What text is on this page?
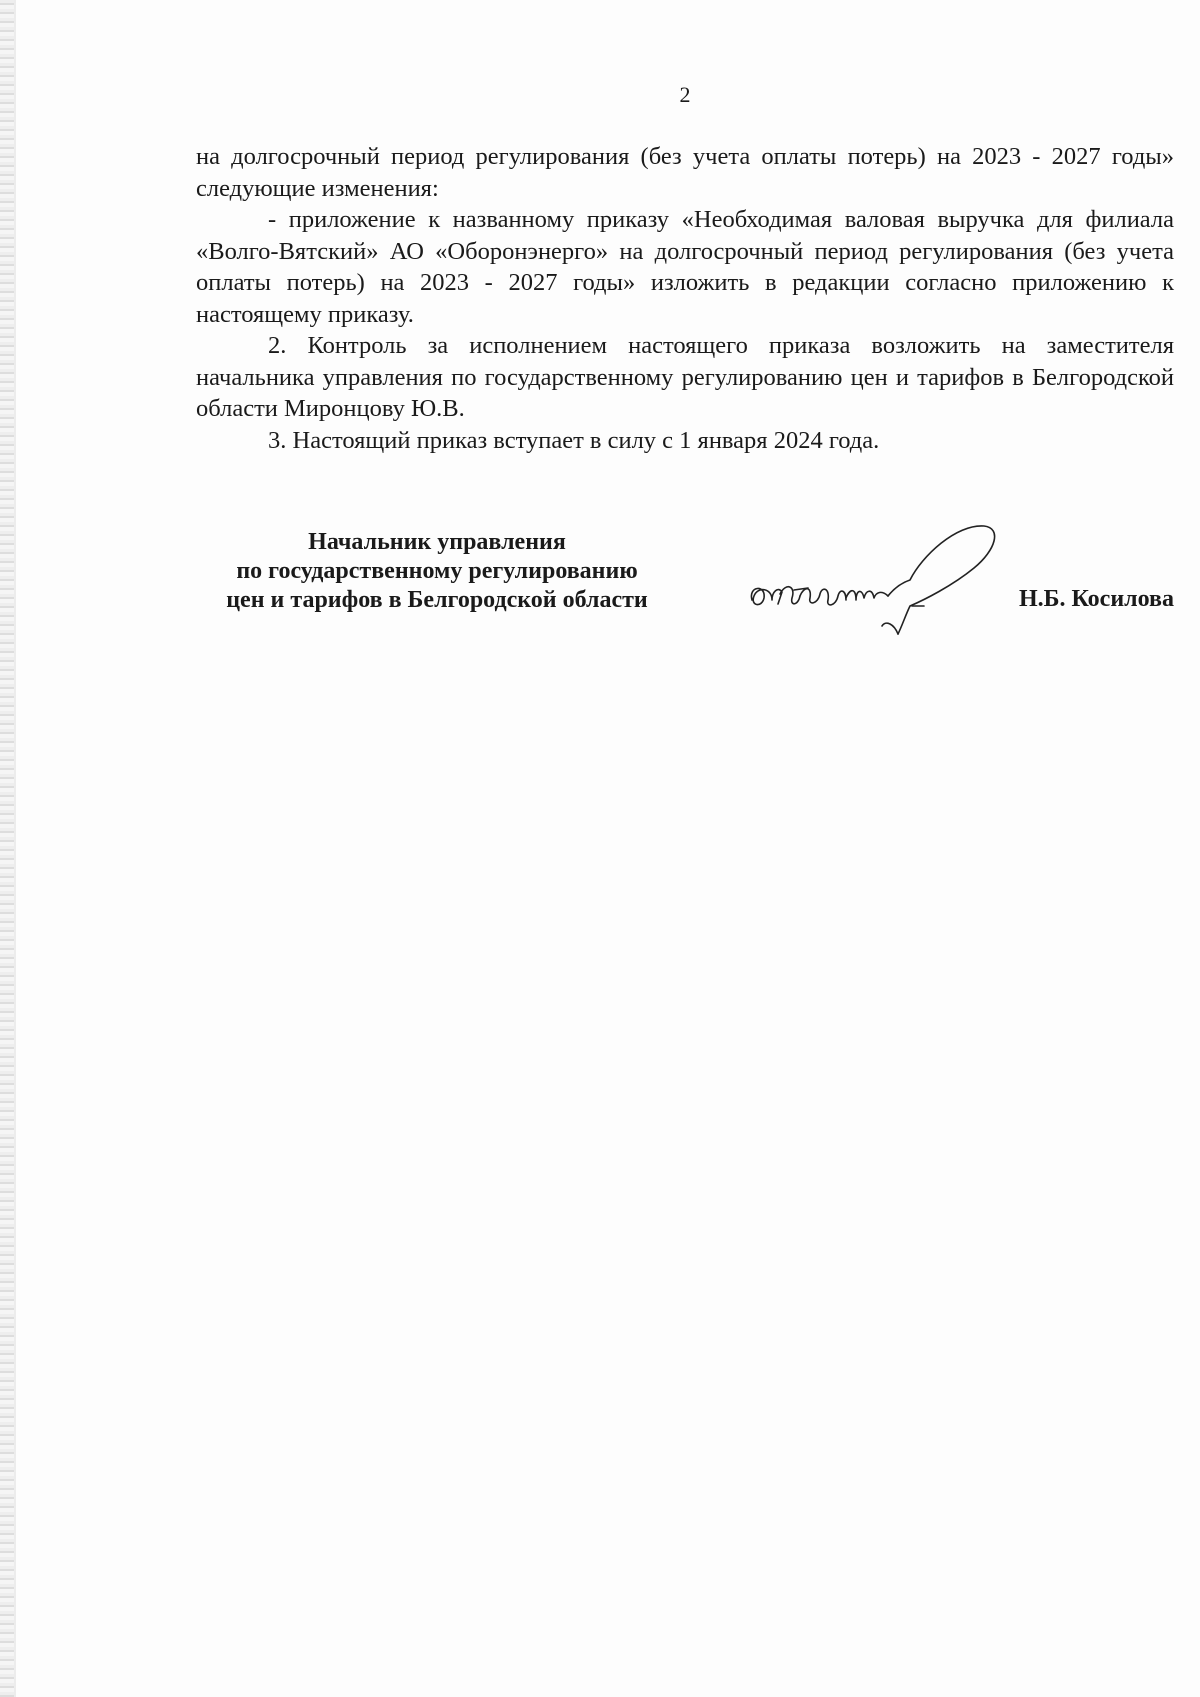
2

на долгосрочный период регулирования (без учета оплаты потерь) на 2023 - 2027 годы» следующие изменения:

- приложение к названному приказу «Необходимая валовая выручка для филиала «Волго-Вятский» АО «Оборонэнерго» на долгосрочный период регулирования (без учета оплаты потерь) на 2023 - 2027 годы» изложить в редакции согласно приложению к настоящему приказу.

2. Контроль за исполнением настоящего приказа возложить на заместителя начальника управления по государственному регулированию цен и тарифов в Белгородской области Миронцову Ю.В.

3. Настоящий приказ вступает в силу с 1 января 2024 года.

Начальник управления
по государственному регулированию
цен и тарифов в Белгородской области	Н.Б. Косилова
